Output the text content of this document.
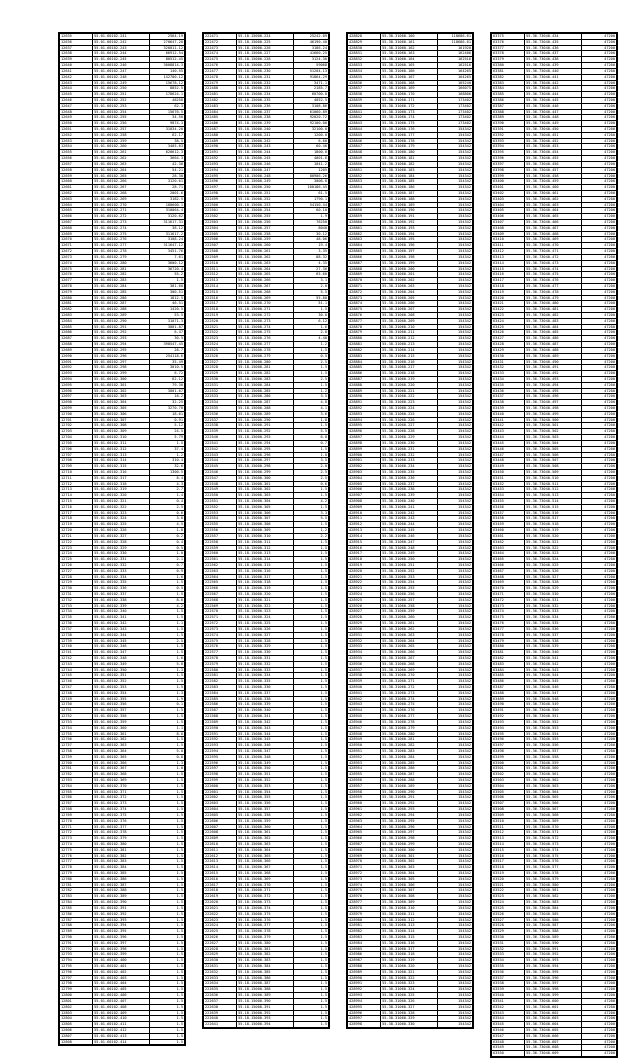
12635	55.01.60102.241	2564.19
12636	55.01.60102.242	270647.20
12637	55.01.60102.243	320011.12
12638	55.01.60102.244	66912.54
12639	55.01.60102.245	80512.45
12640	55.01.60102.246	3008814.3
12641	55.01.60102.247	140.55
12642	55.01.60102.248	142700.12
12643	55.01.60102.249	15678.12
12644	55.01.60102.250	8852.5
12645	55.01.60102.251	178624.1
12646	55.01.60102.252	48258
12647	55.01.60102.253	62.3
12648	55.01.60102.254	15676.5
12649	55.01.60102.255	34.50
12650	55.01.60102.256	9874.3
12651	55.01.60102.257	31034.20
12652	55.01.60102.258	62.17
12653	55.01.60102.259	38.5
12654	55.01.60102.260	3405.63
12655	55.01.60102.261	620612.3
12656	55.01.60102.262	3664.3
12657	55.01.60102.263	42.30
12658	55.01.60102.264	54.21
12659	55.01.60102.265	28.30
12660	55.01.60102.266	3120.61
12661	55.01.60102.267	28.71
12662	55.01.60102.268	2001.6
12663	55.01.60102.269	3182.5
12664	55.01.60102.270	100600.1
12665	55.01.60102.271	310064.4
12666	55.01.60102.272	3120.62
12667	55.01.60102.273	311617.31
12668	55.01.60102.274	38.12
12669	55.01.60102.275	311617.2
12670	55.01.60102.276	3108.24
12671	55.01.60102.277	311647.12
12672	55.01.60102.278	3451.76
12673	55.01.60102.279	7.61
12674	55.01.60102.280	3600.12
12675	55.01.60102.281	36720.4
12676	55.01.60102.282	55.2
12677	55.01.60102.283	1.5
12678	55.01.60102.284	381.60
12679	55.01.60102.285	300.51
12680	55.01.60102.286	1812.5
12681	55.01.60102.287	46.51
12682	55.01.60102.288	1420.5
12683	55.01.60102.289	53.5
12684	55.01.60102.290	31071.3
12685	55.01.60102.291	3001.87
12686	55.01.60102.292	6.47
12687	55.01.60102.293	30.5
12688	55.01.60102.294	390547.45
12689	55.01.60102.295	28.7
12690	55.01.60102.296	254118.6
12691	55.01.60102.297	35.49
12692	55.01.60102.298	3010.5
12693	55.01.60102.299	6.72
12694	55.01.60102.300	62.12
12695	55.01.60102.301	79.30
12696	55.01.60102.302	3001.67
12697	55.01.60102.303	18.2
12698	55.01.60102.304	32.25
12699	55.01.60102.305	3270.70
12700	55.01.60102.306	18.61
12701	55.01.60102.307	0.91
12702	55.01.60102.308	5.12
12703	55.01.60102.309	24.5
12704	55.01.60102.310	5.79
12705	55.01.60102.311	1.5
12706	55.01.60102.312	37.4
12707	55.01.60102.313	1.2
12708	55.01.60102.314	310.4
12709	55.01.60102.315	32.6
12710	55.01.60102.316	1300.5
12711	55.01.60102.317	8.4
12712	55.01.60102.318	4.3
12713	55.01.60102.319	2.7
12714	55.01.60102.320	1.4
12715	55.01.60102.321	0.4
12716	55.01.60102.322	2.5
12717	55.01.60102.323	0.6
12718	55.01.60102.324	3.0
12719	55.01.60102.325	4.5
12720	55.01.60102.326	1.8
12721	55.01.60102.327	0.2
12722	55.01.60102.328	0.4
12723	55.01.60102.329	0.5
12724	55.01.60102.330	1.0
12725	55.01.60102.331	2.1
12726	55.01.60102.332	0.7
12727	55.01.60102.333	0.9
12728	55.01.60102.334	1.6
12729	55.01.60102.335	1.5
12730	55.01.60102.336	0.5
12731	55.01.60102.337	1.5
12732	55.01.60102.338	8.0
12733	55.01.60102.339	4.2
12734	55.01.60102.340	1.5
12735	55.01.60102.341	1.5
12736	55.01.60102.342	1.1
12737	55.01.60102.343	1.5
12738	55.01.60102.344	1.5
12739	55.01.60102.345	2.5
12740	55.01.60102.346	1.5
12741	55.01.60102.347	1.5
12742	55.01.60102.348	1.6
12743	55.01.60102.349	5.0
12744	55.01.60102.350	1.3
12745	55.01.60102.351	1.5
12746	55.01.60102.352	1.5
12747	55.01.60102.353	1.5
12748	55.01.60102.354	1.3
12749	55.01.60102.355	1.9
12750	55.01.60102.356	0.1
12751	55.01.60102.357	1.5
12752	55.01.60102.358	1.5
12753	55.01.60102.359	1.5
12754	55.01.60102.360	1.1
12755	55.01.60102.361	8.0
12756	55.01.60102.362	1.5
12757	55.01.60102.363	1.5
12758	55.01.60102.364	5.0
12759	55.01.60102.365	0.8
12760	55.01.60102.366	1.3
12761	55.01.60102.367	1.0
12762	55.01.60102.368	1.5
12763	55.01.60102.369	1.5
12764	55.01.60102.370	1.5
12765	55.01.60102.371	1.5
12766	55.01.60102.372	1.5
12767	55.01.60102.373	1.5
12768	55.01.60102.374	1.5
12769	55.01.60102.375	1.5
12770	55.01.60102.376	1.5
12771	55.01.60102.377	1.5
12772	55.01.60102.378	1.5
12773	55.01.60102.379	1.5
12774	55.01.60102.380	1.5
12775	55.01.60102.381	1.5
12776	55.01.60102.382	1.5
12777	55.01.60102.383	1.5
12778	55.01.60102.384	1.5
12779	55.01.60102.385	1.5
12780	55.01.60102.386	1.5
12781	55.01.60102.387	1.5
12782	55.01.60102.388	1.5
12783	55.01.60102.389	1.5
12784	55.01.60102.390	1.5
12785	55.01.60102.391	1.5
12786	55.01.60102.392	1.5
12787	55.01.60102.393	1.5
12788	55.01.60102.394	1.5
12789	55.01.60102.395	1.5
12790	55.01.60102.396	1.5
12791	55.01.60102.397	1.5
12792	55.01.60102.398	1.5
12793	55.01.60102.399	1.5
12794	55.01.60102.400	1.5
12795	55.01.60102.401	1.5
12796	55.01.60102.402	1.5
12797	55.01.60102.403	1.5
12798	55.01.60102.404	1.5
12799	55.01.60102.405	1.5
12800	55.01.60102.406	1.5
12801	55.01.60102.407	1.5
12802	55.01.60102.408	1.5
12803	55.01.60102.409	1.5
12804	55.01.60102.410	1.5
12805	55.01.60102.411	1.5
12806	55.01.60102.412	1.5
12807	55.01.60102.413	1.5
12808	55.01.60102.414	1.5
222471	55.18.15000.224	25242.09
222472	55.18.15000.225	46190.40
222473	55.18.15000.226	3186.24
222474	55.18.15000.227	41660.25
222475	55.18.15000.228	3124.30
222476	55.18.15000.229	59068
222477	55.18.15000.230	51204.13
222478	55.18.15000.231	91864.29
222479	55.18.15000.232	3471.1
222480	55.18.15000.233	2185.7
222481	55.18.15000.234	60700.0
222482	55.18.15000.235	4052.5
222483	55.18.15000.236	3108.86
222484	55.18.15000.237	61060.89
222485	55.18.15000.238	92020.72
222486	55.18.15000.239	92100.00
222487	55.18.15000.240	32100.0
222488	55.18.15000.241	1200.0
222489	55.18.15000.242	6.60
222490	55.18.15000.243	60.46
222491	55.18.15000.244	1800.0
222492	55.18.15000.245	4001.6
222493	55.18.15000.246	1041.2
222494	55.18.15000.247	1205
222495	55.18.15000.248	80986.26
222496	55.18.15000.249	3006.0
222497	55.18.15000.250	100186.45
222498	55.18.15000.251	61.5
222499	55.18.15000.252	1790.1
222500	55.18.15000.253	54150.44
222501	55.18.15000.254	60.10
222502	55.18.15000.255	1.9
222503	55.18.15000.256	76250
222504	55.18.15000.257	8040
222505	55.18.15000.258	30.12
222506	55.18.15000.259	48.06
222507	55.18.15000.260	19.4
222508	55.18.15000.261	3.35
222509	55.18.15000.262	88.32
222510	55.18.15000.263	4.35
222511	55.18.15000.264	27.36
222512	55.18.15000.265	65.60
222513	55.18.15000.266	3.1
222514	55.18.15000.267	2.0
222515	55.18.15000.268	5.5
222516	55.18.15000.269	55.80
222517	55.18.15000.270	51.1
222518	55.18.15000.271	1.5
222519	55.18.15000.272	30.0
222520	55.18.15000.273	6.12
222521	55.18.15000.274	1.6
222522	55.18.15000.275	2.0
222523	55.18.15000.276	4.40
222524	55.18.15000.277	1.2
222525	55.18.15000.278	1.5
222526	55.18.15000.279	0.5
222527	55.18.15000.280	2.5
222528	55.18.15000.281	1.5
222529	55.18.15000.282	1.5
222530	55.18.15000.283	2.5
222531	55.18.15000.284	1.5
222532	55.18.15000.285	1.2
222533	55.18.15000.286	3.5
222534	55.18.15000.287	4.8
222535	55.18.15000.288	4.1
222536	55.18.15000.289	3.6
222537	55.18.15000.290	1.8
222538	55.18.15000.291	1.5
222539	55.18.15000.292	5.5
222540	55.18.15000.293	6.8
222541	55.18.15000.294	0.7
222542	55.18.15000.295	1.5
222543	55.18.15000.296	1.0
222544	55.18.15000.297	3.5
222545	55.18.15000.298	2.0
222546	55.18.15000.299	2.5
222547	55.18.15000.300	2.5
222548	55.18.15000.301	0.6
222549	55.18.15000.302	1.5
222550	55.18.15000.303	1.5
222551	55.18.15000.304	4.2
222552	55.18.15000.305	1.5
222553	55.18.15000.306	3.3
222554	55.18.15000.307	5.5
222555	55.18.15000.308	1.5
222556	55.18.15000.309	1.2
222557	55.18.15000.310	2.2
222558	55.18.15000.311	1.5
222559	55.18.15000.312	1.5
222560	55.18.15000.313	1.5
222561	55.18.15000.314	1.5
222562	55.18.15000.315	1.5
222563	55.18.15000.316	1.5
222564	55.18.15000.317	1.5
222565	55.18.15000.318	1.5
222566	55.18.15000.319	1.5
222567	55.18.15000.320	1.5
222568	55.18.15000.321	1.5
222569	55.18.15000.322	1.5
222570	55.18.15000.323	1.5
222571	55.18.15000.324	1.5
222572	55.18.15000.325	1.5
222573	55.18.15000.326	1.5
222574	55.18.15000.327	1.5
222575	55.18.15000.328	1.5
222576	55.18.15000.329	1.5
222577	55.18.15000.330	1.5
222578	55.18.15000.331	1.5
222579	55.18.15000.332	1.5
222580	55.18.15000.333	1.5
222581	55.18.15000.334	1.5
222582	55.18.15000.335	1.5
222583	55.18.15000.336	1.5
222584	55.18.15000.337	1.5
222585	55.18.15000.338	1.5
222586	55.18.15000.339	1.5
222587	55.18.15000.340	1.5
222588	55.18.15000.341	1.5
222589	55.18.15000.342	1.5
222590	55.18.15000.343	1.5
222591	55.18.15000.344	1.5
222592	55.18.15000.345	1.5
222593	55.18.15000.346	1.5
222594	55.18.15000.347	1.5
222595	55.18.15000.348	1.5
222596	55.18.15000.349	1.5
222597	55.18.15000.350	1.5
222598	55.18.15000.351	1.5
222599	55.18.15000.352	1.5
222600	55.18.15000.353	1.5
222601	55.18.15000.354	1.5
222602	55.18.15000.355	1.5
222603	55.18.15000.356	1.5
222604	55.18.15000.357	1.5
222605	55.18.15000.358	1.5
222606	55.18.15000.359	1.5
222607	55.18.15000.360	1.5
222608	55.18.15000.361	1.5
222609	55.18.15000.362	1.5
222610	55.18.15000.363	1.5
222611	55.18.15000.364	1.5
222612	55.18.15000.365	1.5
222613	55.18.15000.366	1.5
222614	55.18.15000.367	1.5
222615	55.18.15000.368	1.5
222616	55.18.15000.369	1.5
222617	55.18.15000.370	1.5
222618	55.18.15000.371	1.5
222619	55.18.15000.372	1.5
222620	55.18.15000.373	1.5
222621	55.18.15000.374	1.5
222622	55.18.15000.375	1.5
222623	55.18.15000.376	1.5
222624	55.18.15000.377	1.5
222625	55.18.15000.378	1.5
222626	55.18.15000.379	1.5
222627	55.18.15000.380	1.5
222628	55.18.15000.381	1.5
222629	55.18.15000.382	1.5
222630	55.18.15000.383	1.5
222631	55.18.15000.384	1.5
222632	55.18.15000.385	1.5
222633	55.18.15000.386	1.5
222634	55.18.15000.387	1.5
222635	55.18.15000.388	1.5
222636	55.18.15000.389	1.5
222637	55.18.15000.390	1.5
222638	55.18.15000.391	1.5
222639	55.18.15000.392	1.5
222640	55.18.15000.393	1.5
222641	55.18.15000.394	1.5
428828	55.38.31060.160	118686.61
428829	55.38.31060.161	118686.61
428830	55.38.31060.162	161920
428831	55.38.31060.163	162406
428832	55.38.31060.164	162516
428833	55.38.31060.165	162516
428834	55.38.31060.166	164265
428835	55.38.31060.167	164265
428836	55.38.31060.168	165240
428837	55.38.31060.169	166075
428838	55.38.31060.170	168806
428839	55.38.31060.171	173402
428840	55.38.31060.172	173402
428841	55.38.31060.173	173402
428842	55.38.31060.174	173402
428843	55.38.31060.175	173402
428844	55.38.31060.176	154342
428845	55.38.31060.177	154342
428846	55.38.31060.178	154342
428847	55.38.31060.179	154342
428848	55.38.31060.180	154342
428849	55.38.31060.181	154342
428850	55.38.31060.182	154342
428851	55.38.31060.183	154342
428852	55.38.31060.184	154342
428853	55.38.31060.185	154342
428854	55.38.31060.186	154342
428855	55.38.31060.187	154342
428856	55.38.31060.188	154342
428857	55.38.31060.189	154342
428858	55.38.31060.190	154342
428859	55.38.31060.191	154342
428860	55.38.31060.192	154342
428861	55.38.31060.193	154342
428862	55.38.31060.194	154342
428863	55.38.31060.195	154342
428864	55.38.31060.196	154342
428865	55.38.31060.197	154342
428866	55.38.31060.198	154342
428867	55.38.31060.199	154342
428868	55.38.31060.200	154342
428869	55.38.31060.201	154342
428870	55.38.31060.202	154342
428871	55.38.31060.203	154342
428872	55.38.31060.204	154342
428873	55.38.31060.205	154342
428874	55.38.31060.206	154342
428875	55.38.31060.207	154342
428876	55.38.31060.208	154342
428877	55.38.31060.209	154342
428878	55.38.31060.210	154342
428879	55.38.31060.211	154342
428880	55.38.31060.212	154342
428881	55.38.31060.213	154342
428882	55.38.31060.214	154342
428883	55.38.31060.215	154342
428884	55.38.31060.216	154342
428885	55.38.31060.217	154342
428886	55.38.31060.218	154342
428887	55.38.31060.219	154342
428888	55.38.31060.220	154342
428889	55.38.31060.221	154342
428890	55.38.31060.222	154342
428891	55.38.31060.223	154342
428892	55.38.31060.224	154342
428893	55.38.31060.225	154342
428894	55.38.31060.226	154342
428895	55.38.31060.227	154342
428896	55.38.31060.228	154342
428897	55.38.31060.229	154342
428898	55.38.31060.230	154342
428899	55.38.31060.231	154342
428900	55.38.31060.232	154342
428901	55.38.31060.233	154342
428902	55.38.31060.234	154342
428903	55.38.31060.235	154342
428904	55.38.31060.236	154342
428905	55.38.31060.237	154342
428906	55.38.31060.238	154342
428907	55.38.31060.239	154342
428908	55.38.31060.240	154342
428909	55.38.31060.241	154342
428910	55.38.31060.242	154342
428911	55.38.31060.243	154342
428912	55.38.31060.244	154342
428913	55.38.31060.245	154342
428914	55.38.31060.246	154342
428915	55.38.31060.247	154342
428916	55.38.31060.248	154342
428917	55.38.31060.249	154342
428918	55.38.31060.250	154342
428919	55.38.31060.251	154342
428920	55.38.31060.252	154342
428921	55.38.31060.253	154342
428922	55.38.31060.254	154342
428923	55.38.31060.255	154342
428924	55.38.31060.256	154342
428925	55.38.31060.257	154342
428926	55.38.31060.258	154342
428927	55.38.31060.259	154342
428928	55.38.31060.260	154342
428929	55.38.31060.261	154342
428930	55.38.31060.262	154342
428931	55.38.31060.263	154342
428932	55.38.31060.264	154342
428933	55.38.31060.265	154342
428934	55.38.31060.266	154342
428935	55.38.31060.267	154342
428936	55.38.31060.268	154342
428937	55.38.31060.269	154342
428938	55.38.31060.270	154342
428939	55.38.31060.271	154342
428940	55.38.31060.272	154342
428941	55.38.31060.273	154342
428942	55.38.31060.274	154342
428943	55.38.31060.275	154342
428944	55.38.31060.276	154342
428945	55.38.31060.277	154342
428946	55.38.31060.278	154342
428947	55.38.31060.279	154342
428948	55.38.31060.280	154342
428949	55.38.31060.281	154342
428950	55.38.31060.282	154342
428951	55.38.31060.283	154342
428952	55.38.31060.284	154342
428953	55.38.31060.285	154342
428954	55.38.31060.286	154342
428955	55.38.31060.287	154342
428956	55.38.31060.288	154342
428957	55.38.31060.289	154342
428958	55.38.31060.290	154342
428959	55.38.31060.291	154342
428960	55.38.31060.292	154342
428961	55.38.31060.293	154342
428962	55.38.31060.294	154342
428963	55.38.31060.295	154342
428964	55.38.31060.296	154342
428965	55.38.31060.297	154342
428966	55.38.31060.298	154342
428967	55.38.31060.299	154342
428968	55.38.31060.300	154342
428969	55.38.31060.301	154342
428970	55.38.31060.302	154342
428971	55.38.31060.303	154342
428972	55.38.31060.304	154342
428973	55.38.31060.305	154342
428974	55.38.31060.306	154342
428975	55.38.31060.307	154342
428976	55.38.31060.308	154342
428977	55.38.31060.309	154342
428978	55.38.31060.310	154342
428979	55.38.31060.311	154342
428980	55.38.31060.312	154342
428981	55.38.31060.313	154342
428982	55.38.31060.314	154342
428983	55.38.31060.315	154342
428984	55.38.31060.316	154342
428985	55.38.31060.317	154342
428986	55.38.31060.318	154342
428987	55.38.31060.319	154342
428988	55.38.31060.320	154342
428989	55.38.31060.321	154342
428990	55.38.31060.322	154342
428991	55.38.31060.323	154342
428992	55.38.31060.324	154342
428993	55.38.31060.325	154342
428994	55.38.31060.326	154342
428995	55.38.31060.327	154342
428996	55.38.31060.328	154342
428997	55.38.31060.329	154342
428998	55.38.31060.330	154342
63375	55.36.73040.434	47200
63376	55.36.73040.435	47200
63377	55.36.73040.436	47200
63378	55.36.73040.437	47200
63379	55.36.73040.438	47200
63380	55.36.73040.439	47200
63381	55.36.73040.440	47200
63382	55.36.73040.441	47200
63383	55.36.73040.442	47200
63384	55.36.73040.443	47200
63385	55.36.73040.444	47200
63386	55.36.73040.445	47200
63387	55.36.73040.446	47200
63388	55.36.73040.447	47200
63389	55.36.73040.448	47200
63390	55.36.73040.449	47200
63391	55.36.73040.450	47200
63392	55.36.73040.451	47200
63393	55.36.73040.452	47200
63394	55.36.73040.453	47200
63395	55.36.73040.454	47200
63396	55.36.73040.455	47200
63397	55.36.73040.456	47200
63398	55.36.73040.457	47200
63399	55.36.73040.458	47200
63400	55.36.73040.459	47200
63401	55.36.73040.460	47200
63402	55.36.73040.461	47200
63403	55.36.73040.462	47200
63404	55.36.73040.463	47200
63405	55.36.73040.464	47200
63406	55.36.73040.465	47200
63407	55.36.73040.466	47200
63408	55.36.73040.467	47200
63409	55.36.73040.468	47200
63410	55.36.73040.469	47200
63411	55.36.73040.470	47200
63412	55.36.73040.471	47200
63413	55.36.73040.472	47200
63414	55.36.73040.473	47200
63415	55.36.73040.474	47200
63416	55.36.73040.475	47200
63417	55.36.73040.476	47200
63418	55.36.73040.477	47200
63419	55.36.73040.478	47200
63420	55.36.73040.479	47200
63421	55.36.73040.480	47200
63422	55.36.73040.481	47200
63423	55.36.73040.482	47200
63424	55.36.73040.483	47200
63425	55.36.73040.484	47200
63426	55.36.73040.485	47200
63427	55.36.73040.486	47200
63428	55.36.73040.487	47200
63429	55.36.73040.488	47200
63430	55.36.73040.489	47200
63431	55.36.73040.490	47200
63432	55.36.73040.491	47200
63433	55.36.73040.492	47200
63434	55.36.73040.493	47200
63435	55.36.73040.494	47200
63436	55.36.73040.495	47200
63437	55.36.73040.496	47200
63438	55.36.73040.497	47200
63439	55.36.73040.498	47200
63440	55.36.73040.499	47200
63441	55.36.73040.500	47200
63442	55.36.73040.501	47200
63443	55.36.73040.502	47200
63444	55.36.73040.503	47200
63445	55.36.73040.504	47200
63446	55.36.73040.505	47200
63447	55.36.73040.506	47200
63448	55.36.73040.507	47200
63449	55.36.73040.508	47200
63450	55.36.73040.509	47200
63451	55.36.73040.510	47200
63452	55.36.73040.511	47200
63453	55.36.73040.512	47200
63454	55.36.73040.513	47200
63455	55.36.73040.514	47200
63456	55.36.73040.515	47200
63457	55.36.73040.516	47200
63458	55.36.73040.517	47200
63459	55.36.73040.518	47200
63460	55.36.73040.519	47200
63461	55.36.73040.520	47200
63462	55.36.73040.521	47200
63463	55.36.73040.522	47200
63464	55.36.73040.523	47200
63465	55.36.73040.524	47200
63466	55.36.73040.525	47200
63467	55.36.73040.526	47200
63468	55.36.73040.527	47200
63469	55.36.73040.528	47200
63470	55.36.73040.529	47200
63471	55.36.73040.530	47200
63472	55.36.73040.531	47200
63473	55.36.73040.532	47200
63474	55.36.73040.533	47200
63475	55.36.73040.534	47200
63476	55.36.73040.535	47200
63477	55.36.73040.536	47200
63478	55.36.73040.537	47200
63479	55.36.73040.538	47200
63480	55.36.73040.539	47200
63481	55.36.73040.540	47200
63482	55.36.73040.541	47200
63483	55.36.73040.542	47200
63484	55.36.73040.543	47200
63485	55.36.73040.544	47200
63486	55.36.73040.545	47200
63487	55.36.73040.546	47200
63488	55.36.73040.547	47200
63489	55.36.73040.548	47200
63490	55.36.73040.549	47200
63491	55.36.73040.550	47200
63492	55.36.73040.551	47200
63493	55.36.73040.552	47200
63494	55.36.73040.553	47200
63495	55.36.73040.554	47200
63496	55.36.73040.555	47200
63497	55.36.73040.556	47200
63498	55.36.73040.557	47200
63499	55.36.73040.558	47200
63500	55.36.73040.559	47200
63501	55.36.73040.560	47200
63502	55.36.73040.561	47200
63503	55.36.73040.562	47200
63504	55.36.73040.563	47200
63505	55.36.73040.564	47200
63506	55.36.73040.565	47200
63507	55.36.73040.566	47200
63508	55.36.73040.567	47200
63509	55.36.73040.568	47200
63510	55.36.73040.569	47200
63511	55.36.73040.570	47200
63512	55.36.73040.571	47200
63513	55.36.73040.572	47200
63514	55.36.73040.573	47200
63515	55.36.73040.574	47200
63516	55.36.73040.575	47200
63517	55.36.73040.576	47200
63518	55.36.73040.577	47200
63519	55.36.73040.578	47200
63520	55.36.73040.579	47200
63521	55.36.73040.580	47200
63522	55.36.73040.581	47200
63523	55.36.73040.582	47200
63524	55.36.73040.583	47200
63525	55.36.73040.584	47200
63526	55.36.73040.585	47200
63527	55.36.73040.586	47200
63528	55.36.73040.587	47200
63529	55.36.73040.588	47200
63530	55.36.73040.589	47200
63531	55.36.73040.590	47200
63532	55.36.73040.591	47200
63533	55.36.73040.592	47200
63534	55.36.73040.593	47200
63535	55.36.73040.594	47200
63536	55.36.73040.595	47200
63537	55.36.73040.596	47200
63538	55.36.73040.597	47200
63539	55.36.73040.598	47200
63540	55.36.73040.599	47200
63541	55.36.73040.600	47200
63542	55.36.73040.601	47200
63543	55.36.73040.602	47200
63544	55.36.73040.603	47200
63545	55.36.73040.604	47200
63546	55.36.73040.605	47200
63547	55.36.73040.606	47200
63548	55.36.73040.607	47200
63549	55.36.73040.608	47200
63550	55.36.73040.609	47200
